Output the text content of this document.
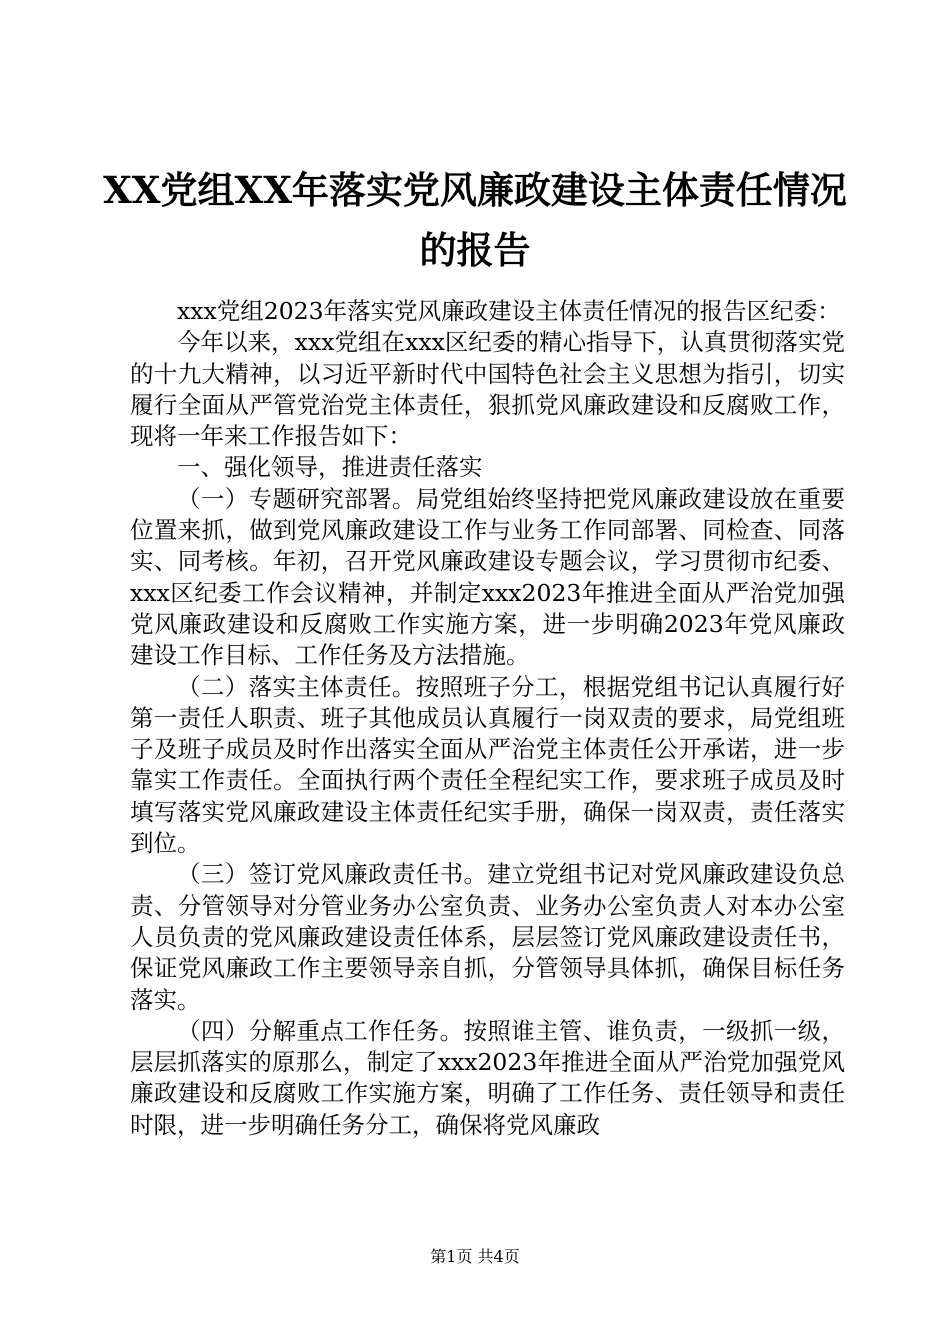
XX党组XX年落实党风廉政建设主体责任情况
的报告

xxx党组2023年落实党风廉政建设主体责任情况的报告区纪委：

今年以来，xxx党组在xxx区纪委的精心指导下，认真贯彻落实党的十九大精神，以习近平新时代中国特色社会主义思想为指引，切实履行全面从严管党治党主体责任，狠抓党风廉政建设和反腐败工作，现将一年来工作报告如下：

一、强化领导，推进责任落实

（一）专题研究部署。局党组始终坚持把党风廉政建设放在重要位置来抓，做到党风廉政建设工作与业务工作同部署、同检查、同落实、同考核。年初，召开党风廉政建设专题会议，学习贯彻市纪委、xxx区纪委工作会议精神，并制定xxx2023年推进全面从严治党加强党风廉政建设和反腐败工作实施方案，进一步明确2023年党风廉政建设工作目标、工作任务及方法措施。

（二）落实主体责任。按照班子分工，根据党组书记认真履行好第一责任人职责、班子其他成员认真履行一岗双责的要求，局党组班子及班子成员及时作出落实全面从严治党主体责任公开承诺，进一步靠实工作责任。全面执行两个责任全程纪实工作，要求班子成员及时填写落实党风廉政建设主体责任纪实手册，确保一岗双责，责任落实到位。

（三）签订党风廉政责任书。建立党组书记对党风廉政建设负总责、分管领导对分管业务办公室负责、业务办公室负责人对本办公室人员负责的党风廉政建设责任体系，层层签订党风廉政建设责任书，保证党风廉政工作主要领导亲自抓，分管领导具体抓，确保目标任务落实。

（四）分解重点工作任务。按照谁主管、谁负责，一级抓一级，层层抓落实的原那么，制定了xxx2023年推进全面从严治党加强党风廉政建设和反腐败工作实施方案，明确了工作任务、责任领导和责任时限，进一步明确任务分工，确保将党风廉政

第1页 共4页
